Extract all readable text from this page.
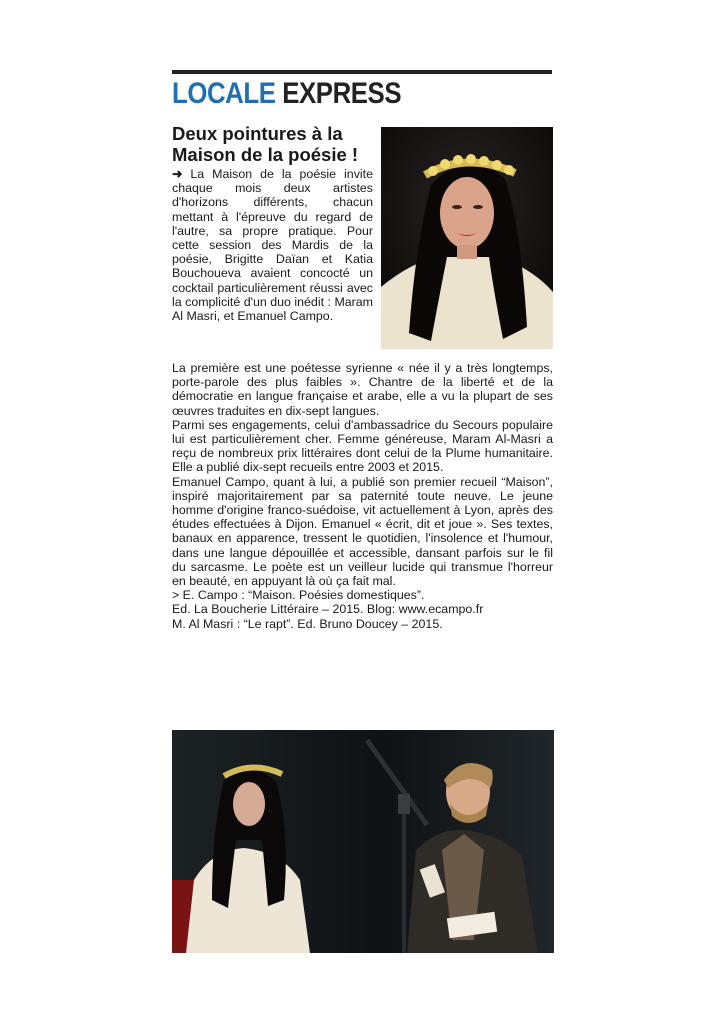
LOCALE EXPRESS
Deux pointures à la Maison de la poésie !

➜ La Maison de la poésie invite chaque mois deux artistes d'horizons différents, chacun mettant à l'épreuve du regard de l'autre, sa propre pratique. Pour cette session des Mardis de la poésie, Brigitte Daïan et Katia Bouchoueva avaient concocté un cocktail particulièrement réussi avec la complicité d'un duo inédit : Maram Al Masri, et Emanuel Campo.

La première est une poétesse syrienne « née il y a très longtemps, porte-parole des plus faibles ». Chantre de la liberté et de la démocratie en langue française et arabe, elle a vu la plupart de ses œuvres traduites en dix-sept langues.

Parmi ses engagements, celui d'ambassadrice du Secours populaire lui est particulièrement cher. Femme généreuse, Maram Al-Masri a reçu de nombreux prix littéraires dont celui de la Plume humanitaire. Elle a publié dix-sept recueils entre 2003 et 2015.

Emanuel Campo, quant à lui, a publié son premier recueil “Maison”, inspiré majoritairement par sa paternité toute neuve. Le jeune homme d'origine franco-suédoise, vit actuellement à Lyon, après des études effectuées à Dijon. Emanuel « écrit, dit et joue ». Ses textes, banaux en apparence, tressent le quotidien, l'insolence et l'humour, dans une langue dépouillée et accessible, dansant parfois sur le fil du sarcasme. Le poète est un veilleur lucide qui transmue l'horreur en beauté, en appuyant là où ça fait mal.

> E. Campo : “Maison. Poésies domestiques”.

Ed. La Boucherie Littéraire – 2015. Blog: www.ecampo.fr

M. Al Masri : “Le rapt”. Ed. Bruno Doucey – 2015.
